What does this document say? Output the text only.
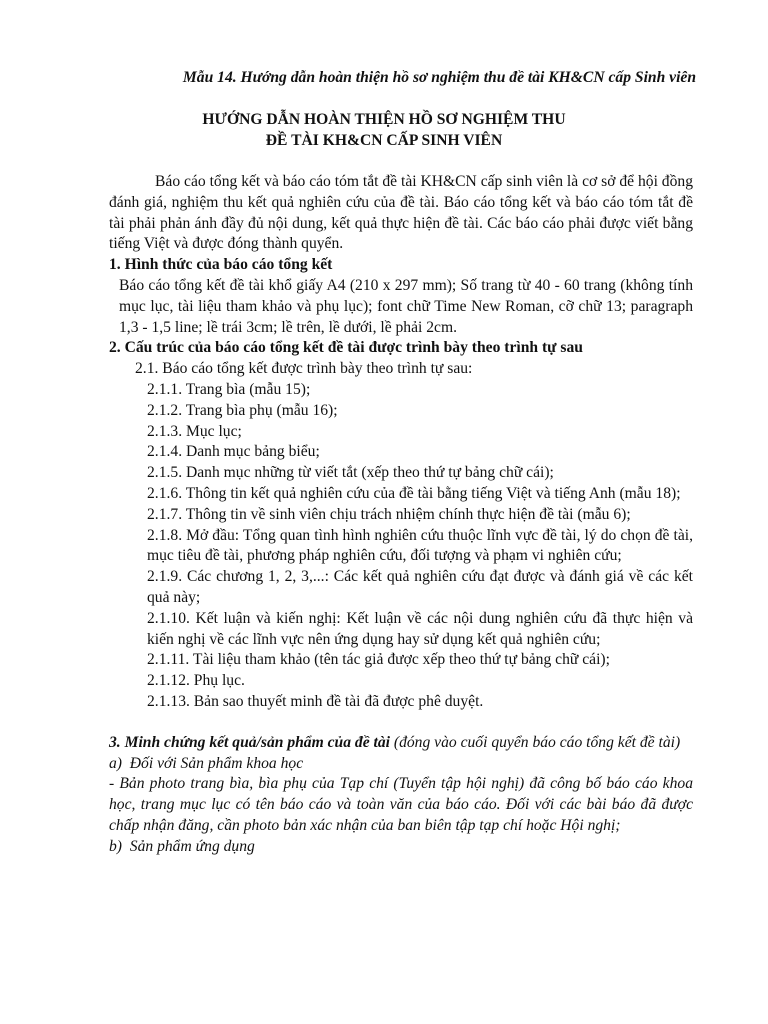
Mẫu 14. Hướng dẫn hoàn thiện hồ sơ nghiệm thu đề tài KH&CN cấp Sinh viên
HƯỚNG DẪN HOÀN THIỆN HỒ SƠ NGHIỆM THU
ĐỀ TÀI KH&CN CẤP SINH VIÊN

Báo cáo tổng kết và báo cáo tóm tắt đề tài KH&CN cấp sinh viên là cơ sở để hội đồng đánh giá, nghiệm thu kết quả nghiên cứu của đề tài. Báo cáo tổng kết và báo cáo tóm tắt đề tài phải phản ánh đầy đủ nội dung, kết quả thực hiện đề tài. Các báo cáo phải được viết bằng tiếng Việt và được đóng thành quyển.

1. Hình thức của báo cáo tổng kết

Báo cáo tổng kết đề tài khổ giấy A4 (210 x 297 mm); Số trang từ 40 - 60 trang (không tính mục lục, tài liệu tham khảo và phụ lục); font chữ Time New Roman, cỡ chữ 13; paragraph 1,3 - 1,5 line; lề trái 3cm; lề trên, lề dưới, lề phải 2cm.

2. Cấu trúc của báo cáo tổng kết đề tài được trình bày theo trình tự sau

2.1. Báo cáo tổng kết được trình bày theo trình tự sau:

2.1.1. Trang bìa (mẫu 15);

2.1.2. Trang bìa phụ (mẫu 16);

2.1.3. Mục lục;

2.1.4. Danh mục bảng biểu;

2.1.5. Danh mục những từ viết tắt (xếp theo thứ tự bảng chữ cái);

2.1.6. Thông tin kết quả nghiên cứu của đề tài bằng tiếng Việt và tiếng Anh (mẫu 18);

2.1.7. Thông tin về sinh viên chịu trách nhiệm chính thực hiện đề tài (mẫu 6);

2.1.8. Mở đầu: Tổng quan tình hình nghiên cứu thuộc lĩnh vực đề tài, lý do chọn đề tài, mục tiêu đề tài, phương pháp nghiên cứu, đối tượng và phạm vi nghiên cứu;

2.1.9. Các chương 1, 2, 3,...: Các kết quả nghiên cứu đạt được và đánh giá về các kết quả này;

2.1.10. Kết luận và kiến nghị: Kết luận về các nội dung nghiên cứu đã thực hiện và kiến nghị về các lĩnh vực nên ứng dụng hay sử dụng kết quả nghiên cứu;

2.1.11. Tài liệu tham khảo (tên tác giả được xếp theo thứ tự bảng chữ cái);

2.1.12. Phụ lục.

2.1.13. Bản sao thuyết minh đề tài đã được phê duyệt.

3. Minh chứng kết quả/sản phẩm của đề tài (đóng vào cuối quyển báo cáo tổng kết đề tài)

a) Đối với Sản phẩm khoa học

- Bản photo trang bìa, bìa phụ của Tạp chí (Tuyển tập hội nghị) đã công bố báo cáo khoa học, trang mục lục có tên báo cáo và toàn văn của báo cáo. Đối với các bài báo đã được chấp nhận đăng, cần photo bản xác nhận của ban biên tập tạp chí hoặc Hội nghị;

b) Sản phẩm ứng dụng
